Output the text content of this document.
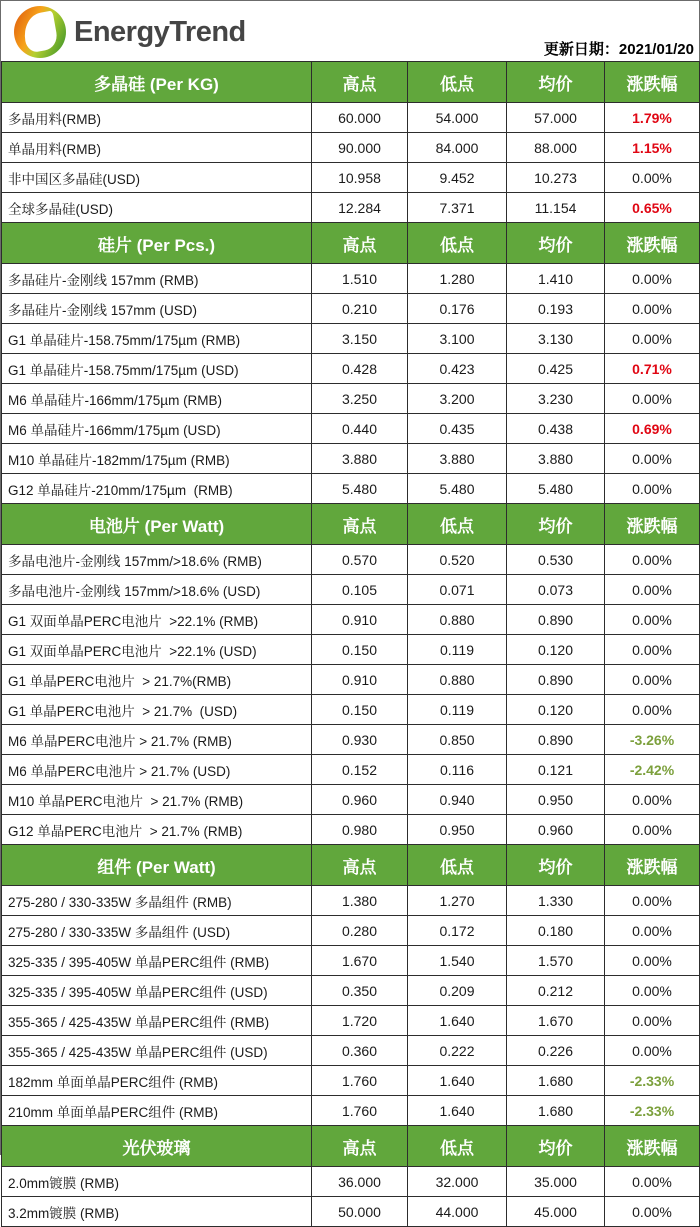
EnergyTrend
更新日期：2021/01/20
多晶硅 (Per KG)	高点	低点	均价	涨跌幅
多晶用料(RMB)	60.000	54.000	57.000	1.79%
单晶用料(RMB)	90.000	84.000	88.000	1.15%
非中国区多晶硅(USD)	10.958	9.452	10.273	0.00%
全球多晶硅(USD)	12.284	7.371	11.154	0.65%
硅片 (Per Pcs.)	高点	低点	均价	涨跌幅
多晶硅片-金刚线 157mm (RMB)	1.510	1.280	1.410	0.00%
多晶硅片-金刚线 157mm (USD)	0.210	0.176	0.193	0.00%
G1 单晶硅片-158.75mm/175µm (RMB)	3.150	3.100	3.130	0.00%
G1 单晶硅片-158.75mm/175µm (USD)	0.428	0.423	0.425	0.71%
M6 单晶硅片-166mm/175µm (RMB)	3.250	3.200	3.230	0.00%
M6 单晶硅片-166mm/175µm (USD)	0.440	0.435	0.438	0.69%
M10 单晶硅片-182mm/175µm (RMB)	3.880	3.880	3.880	0.00%
G12 单晶硅片-210mm/175µm  (RMB)	5.480	5.480	5.480	0.00%
电池片 (Per Watt)	高点	低点	均价	涨跌幅
多晶电池片-金刚线 157mm/>18.6% (RMB)	0.570	0.520	0.530	0.00%
多晶电池片-金刚线 157mm/>18.6% (USD)	0.105	0.071	0.073	0.00%
G1 双面单晶PERC电池片  >22.1% (RMB)	0.910	0.880	0.890	0.00%
G1 双面单晶PERC电池片  >22.1% (USD)	0.150	0.119	0.120	0.00%
G1 单晶PERC电池片  > 21.7%(RMB)	0.910	0.880	0.890	0.00%
G1 单晶PERC电池片  > 21.7%  (USD)	0.150	0.119	0.120	0.00%
M6 单晶PERC电池片 > 21.7% (RMB)	0.930	0.850	0.890	-3.26%
M6 单晶PERC电池片 > 21.7% (USD)	0.152	0.116	0.121	-2.42%
M10 单晶PERC电池片  > 21.7% (RMB)	0.960	0.940	0.950	0.00%
G12 单晶PERC电池片  > 21.7% (RMB)	0.980	0.950	0.960	0.00%
组件 (Per Watt)	高点	低点	均价	涨跌幅
275-280 / 330-335W 多晶组件 (RMB)	1.380	1.270	1.330	0.00%
275-280 / 330-335W 多晶组件 (USD)	0.280	0.172	0.180	0.00%
325-335 / 395-405W 单晶PERC组件 (RMB)	1.670	1.540	1.570	0.00%
325-335 / 395-405W 单晶PERC组件 (USD)	0.350	0.209	0.212	0.00%
355-365 / 425-435W 单晶PERC组件 (RMB)	1.720	1.640	1.670	0.00%
355-365 / 425-435W 单晶PERC组件 (USD)	0.360	0.222	0.226	0.00%
182mm 单面单晶PERC组件 (RMB)	1.760	1.640	1.680	-2.33%
210mm 单面单晶PERC组件 (RMB)	1.760	1.640	1.680	-2.33%
光伏玻璃	高点	低点	均价	涨跌幅
2.0mm镀膜 (RMB)	36.000	32.000	35.000	0.00%
3.2mm镀膜 (RMB)	50.000	44.000	45.000	0.00%
